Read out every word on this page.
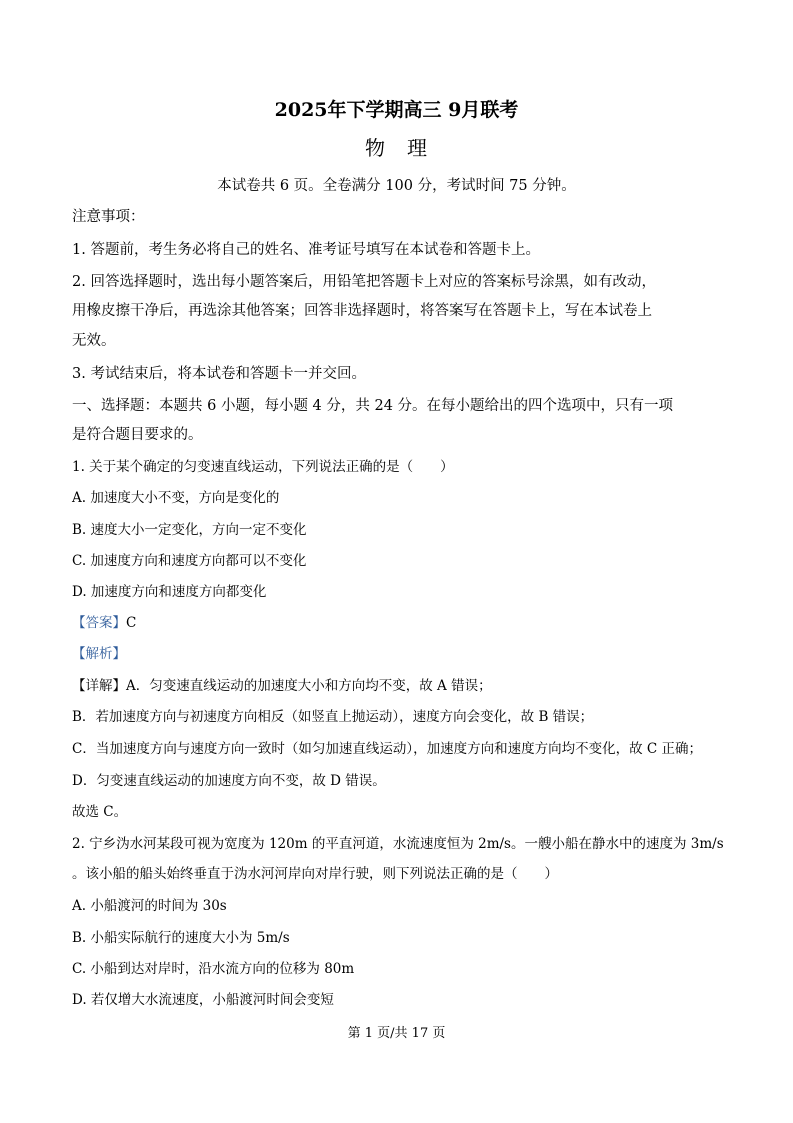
2025年下学期高三 9月联考
物　理
本试卷共 6 页。全卷满分 100 分，考试时间 75 分钟。
注意事项：
1. 答题前，考生务必将自己的姓名、准考证号填写在本试卷和答题卡上。
2. 回答选择题时，选出每小题答案后，用铅笔把答题卡上对应的答案标号涂黑，如有改动，
用橡皮擦干净后，再选涂其他答案；回答非选择题时，将答案写在答题卡上，写在本试卷上
无效。
3. 考试结束后，将本试卷和答题卡一并交回。
一、选择题：本题共 6 小题，每小题 4 分，共 24 分。在每小题给出的四个选项中，只有一项
是符合题目要求的。
1. 关于某个确定的匀变速直线运动，下列说法正确的是（　　）
A. 加速度大小不变，方向是变化的
B. 速度大小一定变化，方向一定不变化
C. 加速度方向和速度方向都可以不变化
D. 加速度方向和速度方向都变化
【答案】C
【解析】
【详解】A．匀变速直线运动的加速度大小和方向均不变，故 A 错误；
B．若加速度方向与初速度方向相反（如竖直上抛运动），速度方向会变化，故 B 错误；
C．当加速度方向与速度方向一致时（如匀加速直线运动），加速度方向和速度方向均不变化，故 C 正确；
D．匀变速直线运动的加速度方向不变，故 D 错误。
故选 C。
2. 宁乡沩水河某段可视为宽度为 120m 的平直河道，水流速度恒为 2m/s。一艘小船在静水中的速度为 3m/s
。该小船的船头始终垂直于沩水河河岸向对岸行驶，则下列说法正确的是（　　）
A. 小船渡河的时间为 30s
B. 小船实际航行的速度大小为 5m/s
C. 小船到达对岸时，沿水流方向的位移为 80m
D. 若仅增大水流速度，小船渡河时间会变短
第 1 页/共 17 页
